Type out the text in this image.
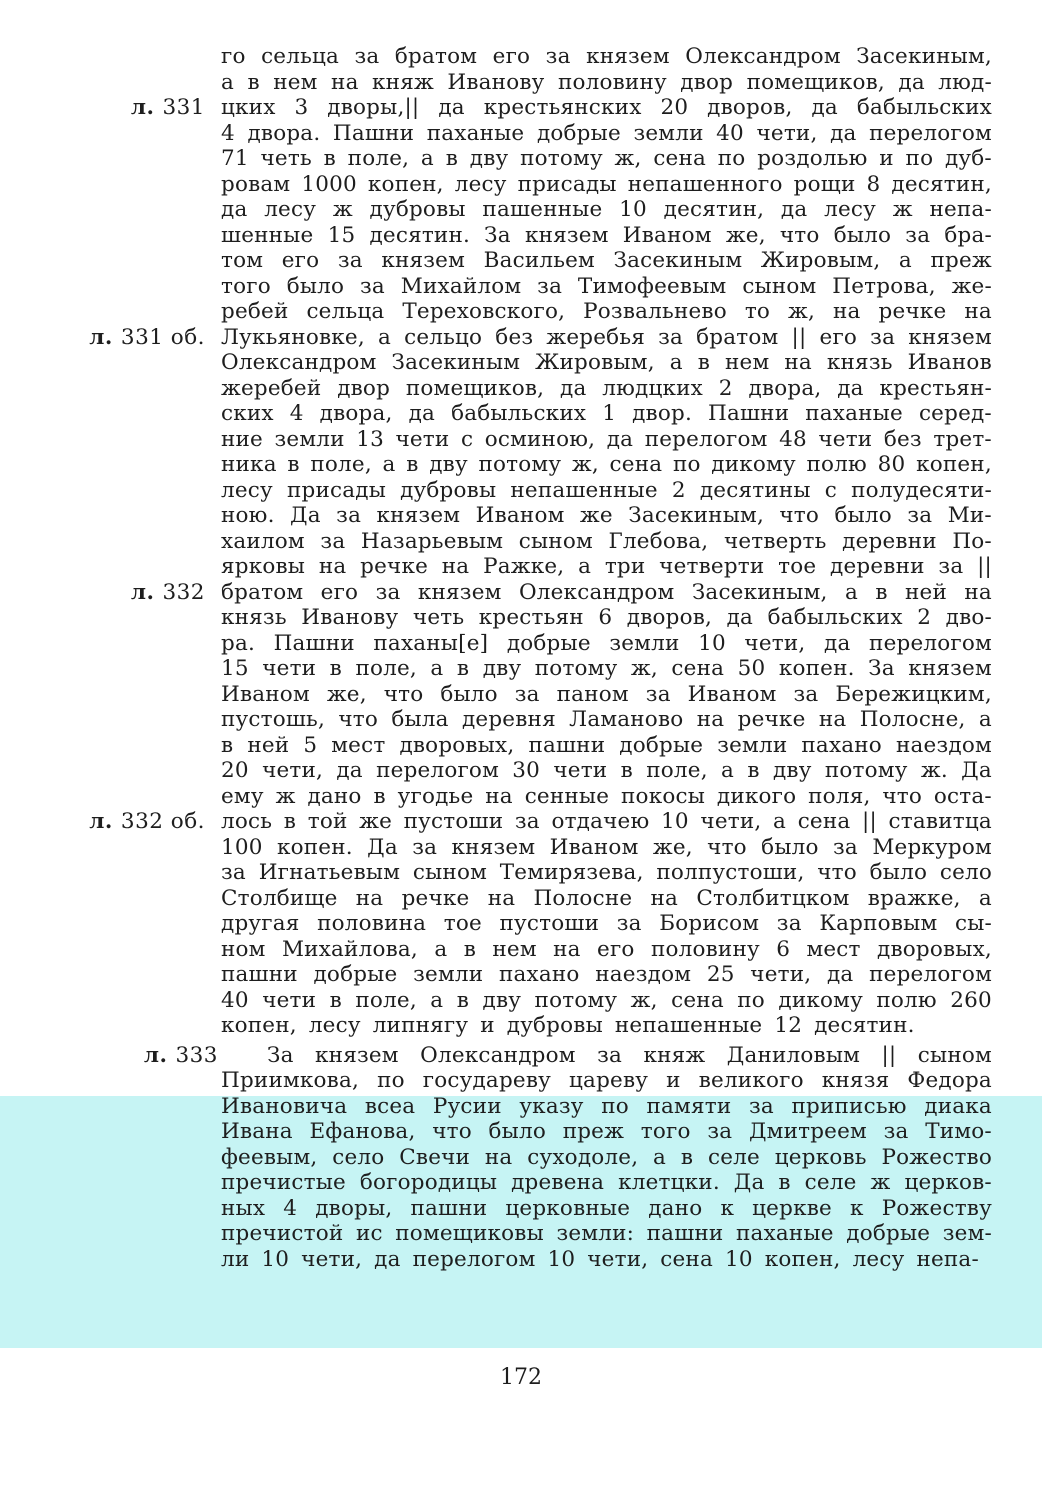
го сельца за братом его за князем Олександром Засекиным,
а в нем на княж Иванову половину двор помещиков, да люд-
цких 3 дворы,|| да крестьянских 20 дворов, да бабыльских
4 двора. Пашни паханые добрые земли 40 чети, да перелогом
71 четь в поле, а в дву потому ж, сена по роздолью и по дуб-
ровам 1000 копен, лесу присады непашенного рощи 8 десятин,
да лесу ж дубровы пашенные 10 десятин, да лесу ж непа-
шенные 15 десятин. За князем Иваном же, что было за бра-
том его за князем Васильем Засекиным Жировым, а преж
того было за Михайлом за Тимофеевым сыном Петрова, же-
ребей сельца Тереховского, Розвальнево то ж, на речке на
Лукьяновке, а сельцо без жеребья за братом || его за князем
Олександром Засекиным Жировым, а в нем на князь Иванов
жеребей двор помещиков, да людцких 2 двора, да крестьян-
ских 4 двора, да бабыльских 1 двор. Пашни паханые серед-
ние земли 13 чети с осминою, да перелогом 48 чети без трет-
ника в поле, а в дву потому ж, сена по дикому полю 80 копен,
лесу присады дубровы непашенные 2 десятины с полудесяти-
ною. Да за князем Иваном же Засекиным, что было за Ми-
хаилом за Назарьевым сыном Глебова, четверть деревни По-
ярковы на речке на Ражке, а три четверти тое деревни за ||
братом его за князем Олександром Засекиным, а в ней на
князь Иванову четь крестьян 6 дворов, да бабыльских 2 дво-
ра. Пашни паханы[е] добрые земли 10 чети, да перелогом
15 чети в поле, а в дву потому ж, сена 50 копен. За князем
Иваном же, что было за паном за Иваном за Бережицким,
пустошь, что была деревня Ламаново на речке на Полосне, а
в ней 5 мест дворовых, пашни добрые земли пахано наездом
20 чети, да перелогом 30 чети в поле, а в дву потому ж. Да
ему ж дано в угодье на сенные покосы дикого поля, что оста-
лось в той же пустоши за отдачею 10 чети, а сена || ставитца
100 копен. Да за князем Иваном же, что было за Меркуром
за Игнатьевым сыном Темирязева, полпустоши, что было село
Столбище на речке на Полосне на Столбитцком вражке, а
другая половина тое пустоши за Борисом за Карповым сы-
ном Михайлова, а в нем на его половину 6 мест дворовых,
пашни добрые земли пахано наездом 25 чети, да перелогом
40 чети в поле, а в дву потому ж, сена по дикому полю 260
копен, лесу липнягу и дубровы непашенные 12 десятин.
За князем Олександром за княж Даниловым || сыном
Приимкова, по государеву цареву и великого князя Федора
Ивановича всеа Русии указу по памяти за приписью диака
Ивана Ефанова, что было преж того за Дмитреем за Тимо-
феевым, село Свечи на суходоле, а в селе церковь Рожество
пречистые богородицы древена клетцки. Да в селе ж церков-
ных 4 дворы, пашни церковные дано к церкве к Рожеству
пречистой ис помещиковы земли: пашни паханые добрые зем-
ли 10 чети, да перелогом 10 чети, сена 10 копен, лесу непа-
л. 331
л. 331 об.
л. 332
л. 332 об.
л. 333
172
